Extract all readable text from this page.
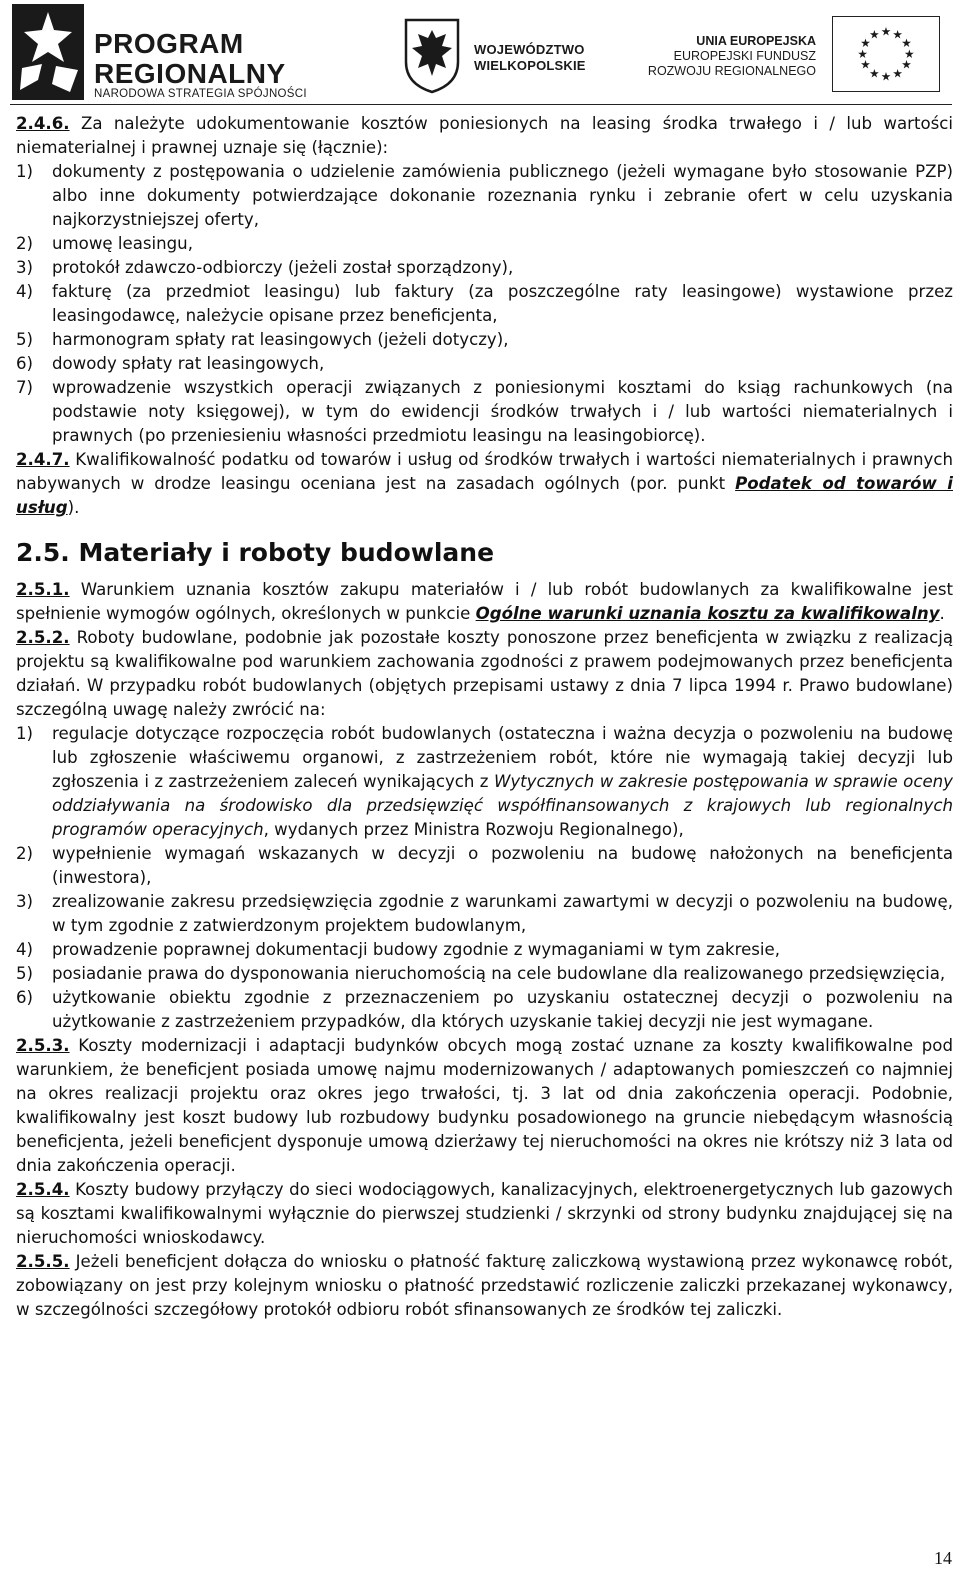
PROGRAM
REGIONALNY
NARODOWA STRATEGIA SPÓJNOŚCI
WOJEWÓDZTWO
WIELKOPOLSKIE
UNIA EUROPEJSKA
EUROPEJSKI FUNDUSZ
ROZWOJU REGIONALNEGO
★ ★
★
★
★
★
★
★
★
★
★
★

2.4.6. Za należyte udokumentowanie kosztów poniesionych na leasing środka trwałego i / lub wartości niematerialnej i prawnej uznaje się (łącznie):

1)	dokumenty z postępowania o udzielenie zamówienia publicznego (jeżeli wymagane było stosowanie PZP) albo inne dokumenty potwierdzające dokonanie rozeznania rynku i zebranie ofert w celu uzyskania najkorzystniejszej oferty,
2)	umowę leasingu,
3)	protokół zdawczo-odbiorczy (jeżeli został sporządzony),
4)	fakturę (za przedmiot leasingu) lub faktury (za poszczególne raty leasingowe) wystawione przez leasingodawcę, należycie opisane przez beneficjenta,
5)	harmonogram spłaty rat leasingowych (jeżeli dotyczy),
6)	dowody spłaty rat leasingowych,
7)	wprowadzenie wszystkich operacji związanych z poniesionymi kosztami do ksiąg rachunkowych (na podstawie noty księgowej), w tym do ewidencji środków trwałych i / lub wartości niematerialnych i prawnych (po przeniesieniu własności przedmiotu leasingu na leasingobiorcę).

2.4.7. Kwalifikowalność podatku od towarów i usług od środków trwałych i wartości niematerialnych i prawnych nabywanych w drodze leasingu oceniana jest na zasadach ogólnych (por. punkt Podatek od towarów i usług).

2.5. Materiały i roboty budowlane

2.5.1. Warunkiem uznania kosztów zakupu materiałów i / lub robót budowlanych za kwalifikowalne jest spełnienie wymogów ogólnych, określonych w punkcie Ogólne warunki uznania kosztu za kwalifikowalny.

2.5.2. Roboty budowlane, podobnie jak pozostałe koszty ponoszone przez beneficjenta w związku z realizacją projektu są kwalifikowalne pod warunkiem zachowania zgodności z prawem podejmowanych przez beneficjenta działań. W przypadku robót budowlanych (objętych przepisami ustawy z dnia 7 lipca 1994 r. Prawo budowlane) szczególną uwagę należy zwrócić na:

1)	regulacje dotyczące rozpoczęcia robót budowlanych (ostateczna i ważna decyzja o pozwoleniu na budowę lub zgłoszenie właściwemu organowi, z zastrzeżeniem robót, które nie wymagają takiej decyzji lub zgłoszenia i z zastrzeżeniem zaleceń wynikających z Wytycznych w zakresie postępowania w sprawie oceny oddziaływania na środowisko dla przedsięwzięć współfinansowanych z krajowych lub regionalnych programów operacyjnych, wydanych przez Ministra Rozwoju Regionalnego),
2)	wypełnienie wymagań wskazanych w decyzji o pozwoleniu na budowę nałożonych na beneficjenta (inwestora),
3)	zrealizowanie zakresu przedsięwzięcia zgodnie z warunkami zawartymi w decyzji o pozwoleniu na budowę, w tym zgodnie z zatwierdzonym projektem budowlanym,
4)	prowadzenie poprawnej dokumentacji budowy zgodnie z wymaganiami w tym zakresie,
5)	posiadanie prawa do dysponowania nieruchomością na cele budowlane dla realizowanego przedsięwzięcia,
6)	użytkowanie obiektu zgodnie z przeznaczeniem po uzyskaniu ostatecznej decyzji o pozwoleniu na użytkowanie z zastrzeżeniem przypadków, dla których uzyskanie takiej decyzji nie jest wymagane.

2.5.3. Koszty modernizacji i adaptacji budynków obcych mogą zostać uznane za koszty kwalifikowalne pod warunkiem, że beneficjent posiada umowę najmu modernizowanych / adaptowanych pomieszczeń co najmniej na okres realizacji projektu oraz okres jego trwałości, tj. 3 lat od dnia zakończenia operacji. Podobnie, kwalifikowalny jest koszt budowy lub rozbudowy budynku posadowionego na gruncie niebędącym własnością beneficjenta, jeżeli beneficjent dysponuje umową dzierżawy tej nieruchomości na okres nie krótszy niż 3 lata od dnia zakończenia operacji.

2.5.4. Koszty budowy przyłączy do sieci wodociągowych, kanalizacyjnych, elektroenergetycznych lub gazowych są kosztami kwalifikowalnymi wyłącznie do pierwszej studzienki / skrzynki od strony budynku znajdującej się na nieruchomości wnioskodawcy.

2.5.5. Jeżeli beneficjent dołącza do wniosku o płatność fakturę zaliczkową wystawioną przez wykonawcę robót, zobowiązany on jest przy kolejnym wniosku o płatność przedstawić rozliczenie zaliczki przekazanej wykonawcy, w szczególności szczegółowy protokół odbioru robót sfinansowanych ze środków tej zaliczki.

14
